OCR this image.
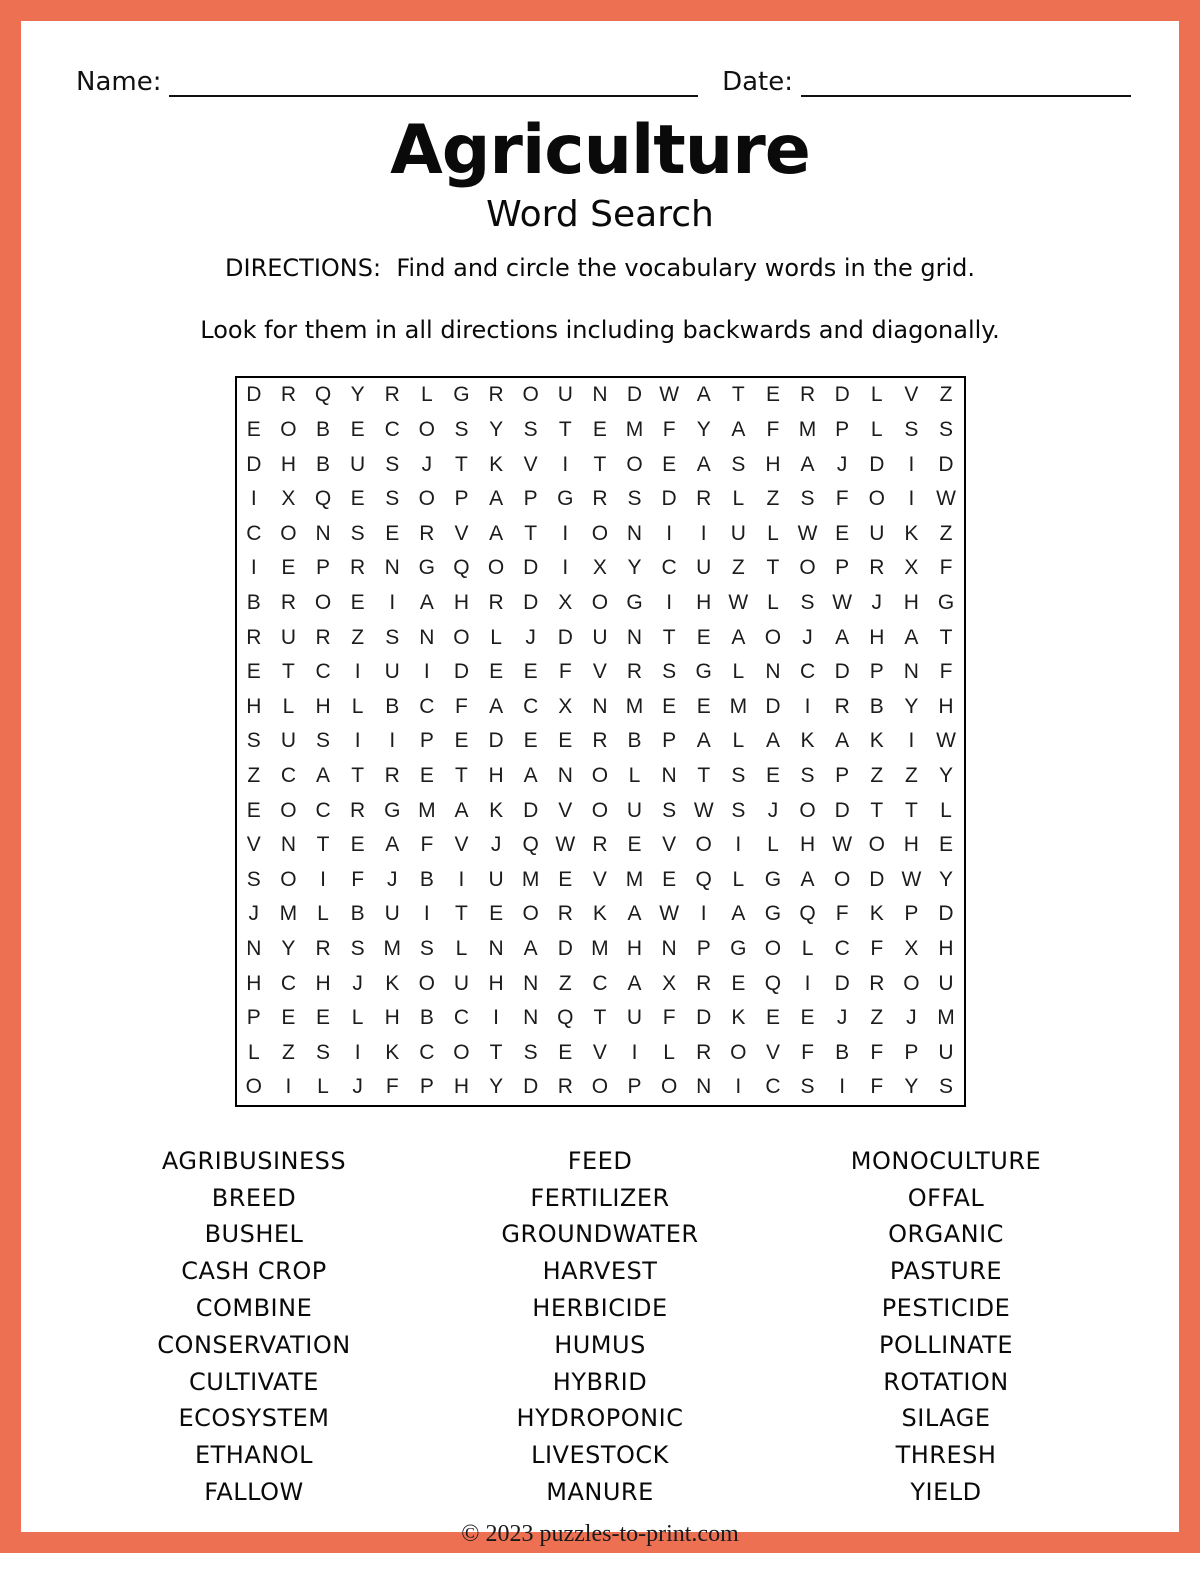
Name:	Date:
Agriculture
Word Search
DIRECTIONS:  Find and circle the vocabulary words in the grid.

Look for them in all directions including backwards and diagonally.
D R Q Y R	L G R O U N D W A	T	E R D	L	V	Z
E O B E C O S Y S	T	E M F	Y A	F M P	L	S S
D H B U S	J	T	K V	I	T O E A S H A	J	D	I	D
I	X Q E S O P A P G R S D R	L	Z	S	F O	I	W
C O N S E R V A	T	I	O N	I	I	U	L W E U K	Z
I	E P R N G Q O D	I	X Y C U Z	T O P R X	F
B R O E	I	A H R D X O G	I	H W L	S W J	H G
R U R Z	S N O L	J	D U N T	E A O	J	A H A	T
E	T C	I	U	I	D E E	F	V R S G L	N C D P N F
H	L	H	L	B C F	A C X N M E E M D	I	R B Y H
S U S	I	I	P E D E E R B P A	L	A K A K	I	W
Z C A	T R E	T H A N O L	N T	S E S P	Z	Z	Y
E O C R G M A K D V O U S W S	J	O D T	T	L
V N T	E A	F	V	J	Q W R E V O	I	L	H W O H E
S O	I	F	J	B	I	U M E V M E Q L G A O D W Y
J M L	B U	I	T	E O R K A W	I	A G Q F	K P D
N Y R S M S	L	N A D M H N P G O L	C F	X H
H C H	J	K O U H N Z C A X R E Q	I	D R O U
P E E	L	H B C	I	N Q T U F D K E E	J	Z	J M
L	Z	S	I	K C O T	S E V	I	L	R O V	F	B	F	P U
O	I	L	J	F	P H Y D R O P O N	I	C S	I	F	Y S
AGRIBUSINESS
BREED
BUSHEL
CASH CROP
COMBINE
CONSERVATION
CULTIVATE
ECOSYSTEM
ETHANOL
FALLOW
FEED
FERTILIZER
GROUNDWATER
HARVEST
HERBICIDE
HUMUS
HYBRID
HYDROPONIC
LIVESTOCK
MANURE
MONOCULTURE
OFFAL
ORGANIC
PASTURE
PESTICIDE
POLLINATE
ROTATION
SILAGE
THRESH
YIELD
© 2023 puzzles-to-print.com
